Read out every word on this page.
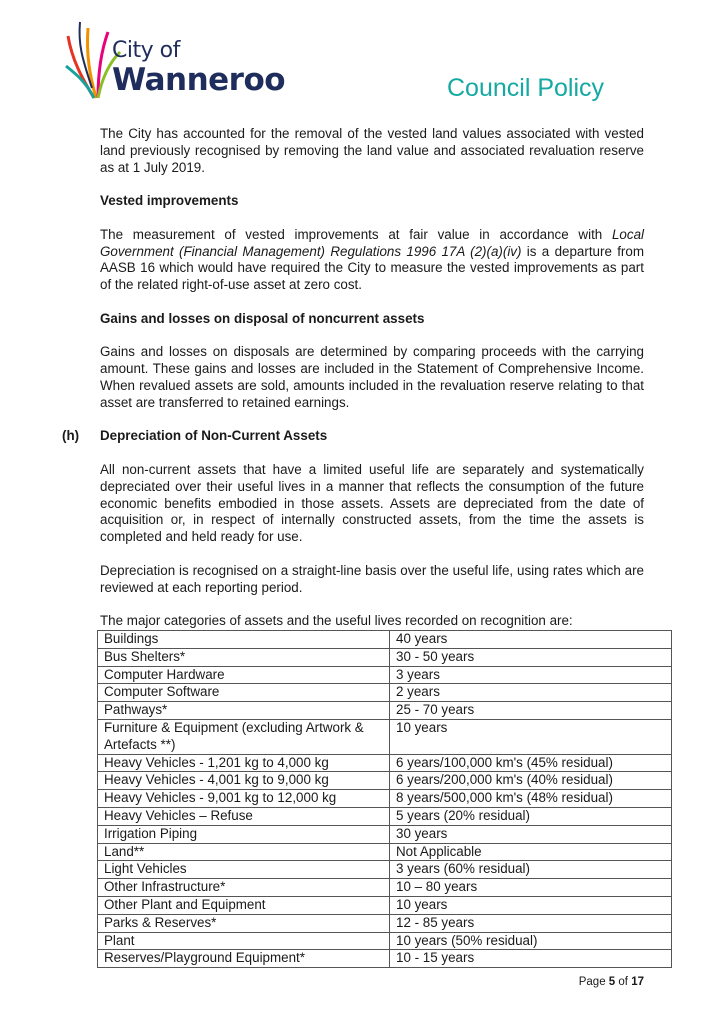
City of
Wanneroo	Council Policy

The City has accounted for the removal of the vested land values associated with vested land previously recognised by removing the land value and associated revaluation reserve as at 1 July 2019.

Vested improvements

The measurement of vested improvements at fair value in accordance with Local Government (Financial Management) Regulations 1996 17A (2)(a)(iv) is a departure from AASB 16 which would have required the City to measure the vested improvements as part of the related right-of-use asset at zero cost.

Gains and losses on disposal of noncurrent assets

Gains and losses on disposals are determined by comparing proceeds with the carrying amount. These gains and losses are included in the Statement of Comprehensive Income. When revalued assets are sold, amounts included in the revaluation reserve relating to that asset are transferred to retained earnings.

(h) Depreciation of Non-Current Assets

All non-current assets that have a limited useful life are separately and systematically depreciated over their useful lives in a manner that reflects the consumption of the future economic benefits embodied in those assets. Assets are depreciated from the date of acquisition or, in respect of internally constructed assets, from the time the assets is completed and held ready for use.

Depreciation is recognised on a straight-line basis over the useful life, using rates which are reviewed at each reporting period.

The major categories of assets and the useful lives recorded on recognition are:

Buildings	40 years
Bus Shelters*	30 - 50 years
Computer Hardware	3 years
Computer Software	2 years
Pathways*	25 - 70 years
Furniture & Equipment (excluding Artwork & Artefacts **)	10 years
Heavy Vehicles - 1,201 kg to 4,000 kg	6 years/100,000 km's (45% residual)
Heavy Vehicles - 4,001 kg to 9,000 kg	6 years/200,000 km's (40% residual)
Heavy Vehicles - 9,001 kg to 12,000 kg	8 years/500,000 km's (48% residual)
Heavy Vehicles – Refuse	5 years (20% residual)
Irrigation Piping	30 years
Land**	Not Applicable
Light Vehicles	3 years (60% residual)
Other Infrastructure*	10 – 80 years
Other Plant and Equipment	10 years
Parks & Reserves*	12 - 85 years
Plant	10 years (50% residual)
Reserves/Playground Equipment*	10 - 15 years
Page 5 of 17
